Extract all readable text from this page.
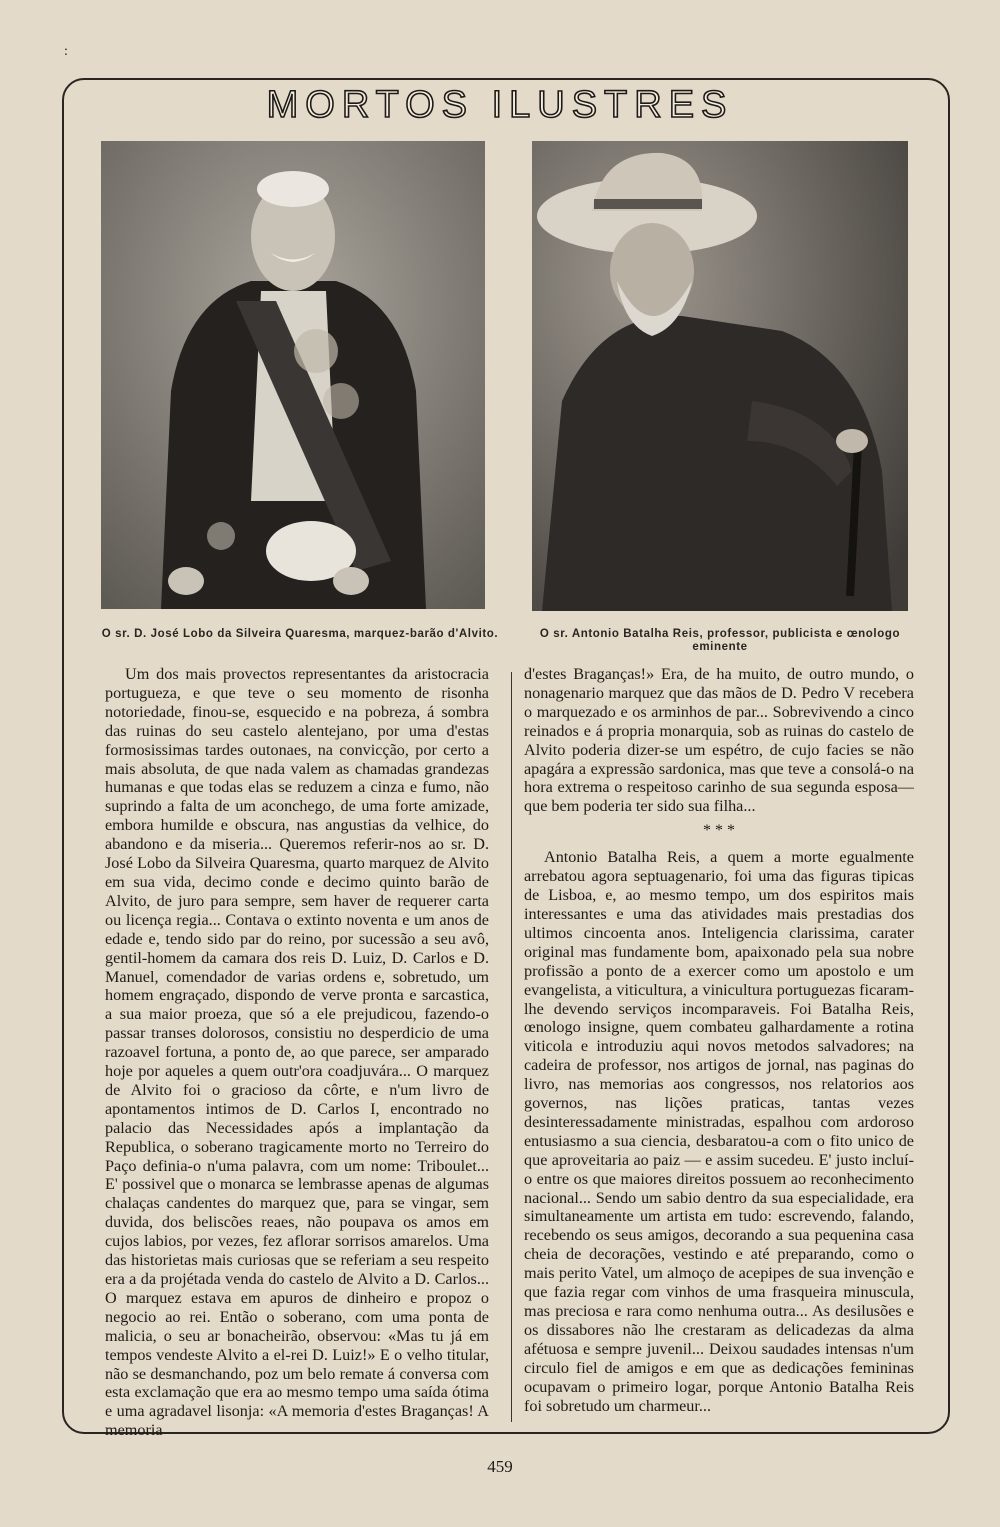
:
MORTOS ILUSTRES
O sr. D. José Lobo da Silveira Quaresma, marquez-barão d'Alvito.	O sr. Antonio Batalha Reis, professor, publicista e œnologo eminente

Um dos mais provectos representantes da aristocracia portugueza, e que teve o seu momento de risonha notoriedade, finou-se, esquecido e na pobreza, á sombra das ruinas do seu castelo alentejano, por uma d'estas formosissimas tardes outonaes, na convicção, por certo a mais absoluta, de que nada valem as chamadas grandezas humanas e que todas elas se reduzem a cinza e fumo, não suprindo a falta de um aconchego, de uma forte amizade, embora humilde e obscura, nas angustias da velhice, do abandono e da miseria... Queremos referir-nos ao sr. D. José Lobo da Silveira Quaresma, quarto marquez de Alvito em sua vida, decimo conde e decimo quinto barão de Alvito, de juro para sempre, sem haver de requerer carta ou licença regia... Contava o extinto noventa e um anos de edade e, tendo sido par do reino, por sucessão a seu avô, gentil-homem da camara dos reis D. Luiz, D. Carlos e D. Manuel, comendador de varias ordens e, sobretudo, um homem engraçado, dispondo de verve pronta e sarcastica, a sua maior proeza, que só a ele prejudicou, fazendo-o passar transes dolorosos, consistiu no desperdicio de uma razoavel fortuna, a ponto de, ao que parece, ser amparado hoje por aqueles a quem outr'ora coadjuvára... O marquez de Alvito foi o gracioso da côrte, e n'um livro de apontamentos intimos de D. Carlos I, encontrado no palacio das Necessidades após a implantação da Republica, o soberano tragicamente morto no Terreiro do Paço definia-o n'uma palavra, com um nome: Triboulet... E' possivel que o monarca se lembrasse apenas de algumas chalaças candentes do marquez que, para se vingar, sem duvida, dos beliscões reaes, não poupava os amos em cujos labios, por vezes, fez aflorar sorrisos amarelos. Uma das historietas mais curiosas que se referiam a seu respeito era a da projétada venda do castelo de Alvito a D. Carlos... O marquez estava em apuros de dinheiro e propoz o negocio ao rei. Então o soberano, com uma ponta de malicia, o seu ar bonacheirão, observou: «Mas tu já em tempos vendeste Alvito a el-rei D. Luiz!» E o velho titular, não se desmanchando, poz um belo remate á conversa com esta exclamação que era ao mesmo tempo uma saída ótima e uma agradavel lisonja: «A memoria d'estes Braganças! A memoria

d'estes Braganças!» Era, de ha muito, de outro mundo, o nonagenario marquez que das mãos de D. Pedro V recebera o marquezado e os arminhos de par... Sobrevivendo a cinco reinados e á propria monarquia, sob as ruinas do castelo de Alvito poderia dizer-se um espétro, de cujo facies se não apagára a expressão sardonica, mas que teve a consolá-o na hora extrema o respeitoso carinho de sua segunda esposa—que bem poderia ter sido sua filha...

* * *

Antonio Batalha Reis, a quem a morte egualmente arrebatou agora septuagenario, foi uma das figuras tipicas de Lisboa, e, ao mesmo tempo, um dos espiritos mais interessantes e uma das atividades mais prestadias dos ultimos cincoenta anos. Inteligencia clarissima, carater original mas fundamente bom, apaixonado pela sua nobre profissão a ponto de a exercer como um apostolo e um evangelista, a viticultura, a vinicultura portuguezas ficaram-lhe devendo serviços incomparaveis. Foi Batalha Reis, œnologo insigne, quem combateu galhardamente a rotina viticola e introduziu aqui novos metodos salvadores; na cadeira de professor, nos artigos de jornal, nas paginas do livro, nas memorias aos congressos, nos relatorios aos governos, nas lições praticas, tantas vezes desinteressadamente ministradas, espalhou com ardoroso entusiasmo a sua ciencia, desbaratou-a com o fito unico de que aproveitaria ao paiz — e assim sucedeu. E' justo incluí-o entre os que maiores direitos possuem ao reconhecimento nacional... Sendo um sabio dentro da sua especialidade, era simultaneamente um artista em tudo: escrevendo, falando, recebendo os seus amigos, decorando a sua pequenina casa cheia de decorações, vestindo e até preparando, como o mais perito Vatel, um almoço de acepipes de sua invenção e que fazia regar com vinhos de uma frasqueira minuscula, mas preciosa e rara como nenhuma outra... As desilusões e os dissabores não lhe crestaram as delicadezas da alma afétuosa e sempre juvenil... Deixou saudades intensas n'um circulo fiel de amigos e em que as dedicações femininas ocupavam o primeiro logar, porque Antonio Batalha Reis foi sobretudo um charmeur...

459
